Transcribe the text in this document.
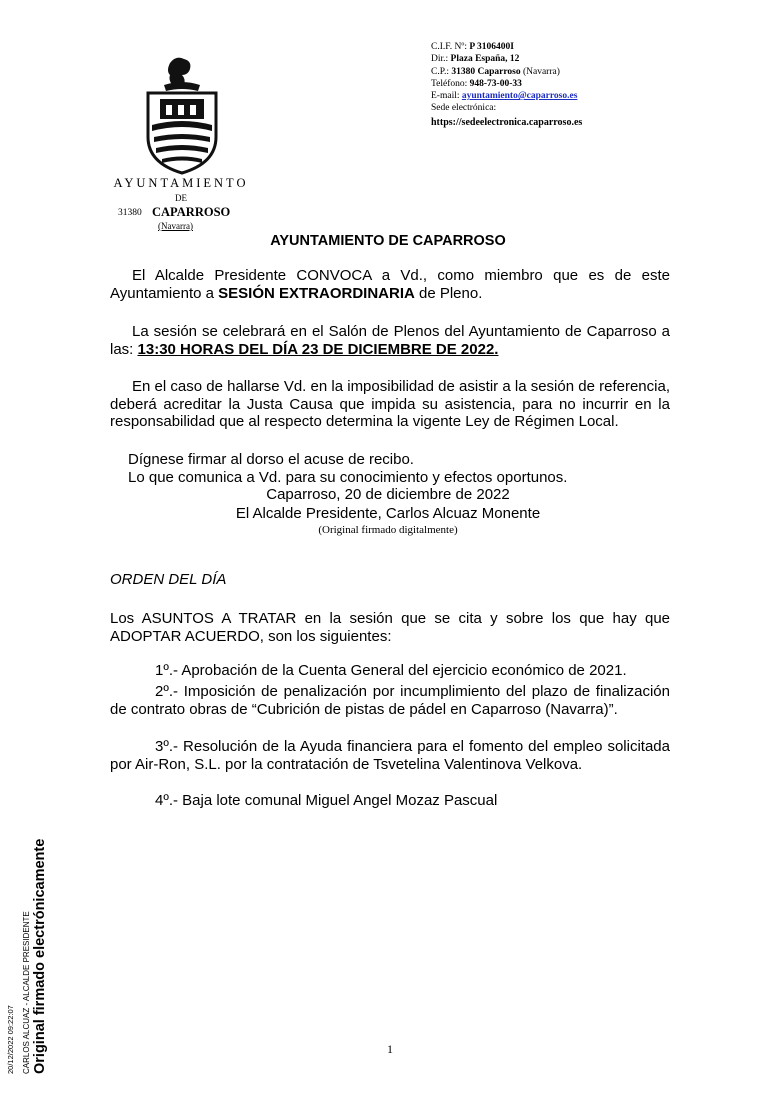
AYUNTAMIENTO
DE
31380 CAPARROSO
(Navarra)
C.I.F. Nº: P 3106400I
Dir.: Plaza España, 12
C.P.: 31380 Caparroso (Navarra)
Teléfono: 948-73-00-33
E-mail: ayuntamiento@caparroso.es
Sede electrónica:
https://sedeelectronica.caparroso.es
AYUNTAMIENTO DE CAPARROSO
El Alcalde Presidente CONVOCA a Vd., como miembro que es de este Ayuntamiento a SESIÓN EXTRAORDINARIA de Pleno.
La sesión se celebrará en el Salón de Plenos del Ayuntamiento de Caparroso a las: 13:30 HORAS DEL DÍA 23 DE DICIEMBRE DE 2022.
En el caso de hallarse Vd. en la imposibilidad de asistir a la sesión de referencia, deberá acreditar la Justa Causa que impida su asistencia, para no incurrir en la responsabilidad que al respecto determina la vigente Ley de Régimen Local.
Dígnese firmar al dorso el acuse de recibo.
Lo que comunica a Vd. para su conocimiento y efectos oportunos.
Caparroso, 20 de diciembre de 2022
El Alcalde Presidente, Carlos Alcuaz Monente
(Original firmado digitalmente)
ORDEN DEL DÍA
Los ASUNTOS A TRATAR en la sesión que se cita y sobre los que hay que ADOPTAR ACUERDO, son los siguientes:
1º.- Aprobación de la Cuenta General del ejercicio económico de 2021.
2º.- Imposición de penalización por incumplimiento del plazo de finalización de contrato obras de “Cubrición de pistas de pádel en Caparroso (Navarra)”.
3º.- Resolución de la Ayuda financiera para el fomento del empleo solicitada por Air-Ron, S.L. por la contratación de Tsvetelina Valentinova Velkova.
4º.- Baja lote comunal Miguel Angel Mozaz Pascual
Original firmado electrónicamente
CARLOS ALCUAZ - ALCALDE PRESIDENTE
20/12/2022 09:22:07	1
